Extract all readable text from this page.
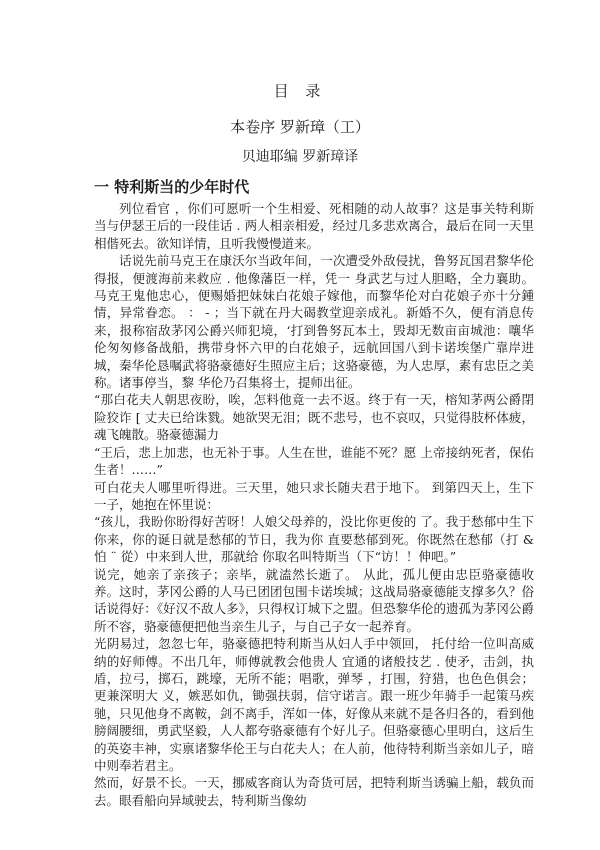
目 录
本卷序 罗新璋（工）
贝迪耶编 罗新璋译
一 特利斯当的少年时代

列位看官 ，你们可愿听一个生相爱、死相随的动人故事？这是事关特利斯当与伊瑟王后的一段佳话 . 两人相亲相爱，经过几多悲欢离合，最后在同一天里相偕死去。欲知详情，且听我慢慢道来。

话说先前马克王在康沃尔当政年间，一次遭受外敌侵扰，鲁努瓦国君黎华伦得报，便渡海前来救应 . 他像藩臣一样，凭一 身武艺与过人胆略，全力襄助。马克王鬼他忠心，便赐婚把妹妹白花娘子嫁他，而黎华伦对白花娘子亦十分鍾情，异常眷恋。 ： - ；当下就在丹大碣教堂迎亲成礼。新婚不久，便有消息传来，报称宿敌茅冈公爵兴师犯境，‘打到鲁努瓦本土，毁却无数亩亩城池：嚷华伦匆匆修备战船，携带身怀六甲的白花娘子，远航回国八到卡诺埃堡广靠岸进城，秦华伦恳嘱武将骆豪德好生照应主后；这骆豪德，为人忠厚，素有忠臣之美称。诸事停当，黎 华伦乃召集将士，提师出征。

“那白花夫人朝思夜盼，唉，怎料他竟一去不返。终于有一天，榕知茅两公爵閉险狡诈 [ 丈夫已给诛戮。她欲哭无泪；既不悲号，也不哀叹，只觉得肢杯体疲，魂飞魄散。骆豪德漏力

“王后，悲上加悲，也无补于事。人生在世，谁能不死？愿 上帝接纳死者，保佑生者！……”

可白花夫人哪里听得进。三天里，她只求长随夫君于地下。 到第四天上，生下一子，她抱在怀里说：

“孩儿，我盼你盼得好苦呀！人娘父母养的，没比你更俊的 了。我于愁郁中生下你来，你的诞日就是愁郁的节日，我为你 直要愁郁到死。你既然在愁郁（打 & 怕 ¨ 從）中来到人世，那就给 你取名叫特斯当（下“访！！伸吧。”

说完，她亲了亲孩子；亲毕，就溘然长逝了。 从此，孤儿便由忠臣骆豪德收养。这时，茅冈公爵的人马已团团包围卡诺埃城；这战局骆豪德能支撑多久？俗话说得好：《好汉不敌人多》，只得权订城下之盟。但恐黎华伦的遗孤为茅冈公爵所不容，骆豪德便把他当亲生儿子，与自己子女一起养育。

光阴易过，忽忽七年，骆豪德把特利斯当从妇人手中领回， 托付给一位叫高威纳的好师傅。不出几年，师傅就教会他贵人 宜通的诸般技艺 . 使矛，击剑，执盾，拉弓，掷石，跳壕，无所不能；唱歌，弹琴 ，打围，狩猎，也色色俱会；更兼深明大 义，嫉恶如仇，锄强扶弱，信守诺言。跟一班少年骑手一起策马疾驰，只见他身不离鞍，剑不离手，浑如一体，好像从来就不是各归各的，看到他膀阔腰细，勇武坚毅，人人都夸骆豪德有个好儿子。但骆豪德心里明白，这后生的英姿丰神，实禀诸黎华伦王与白花夫人；在人前，他待特利斯当亲如儿子，暗中则奉若君主。

然而，好景不长。一天，挪威客商认为奇货可居，把特利斯当诱骗上船，载负而去。眼看船向异域驶去，特利斯当像幼
